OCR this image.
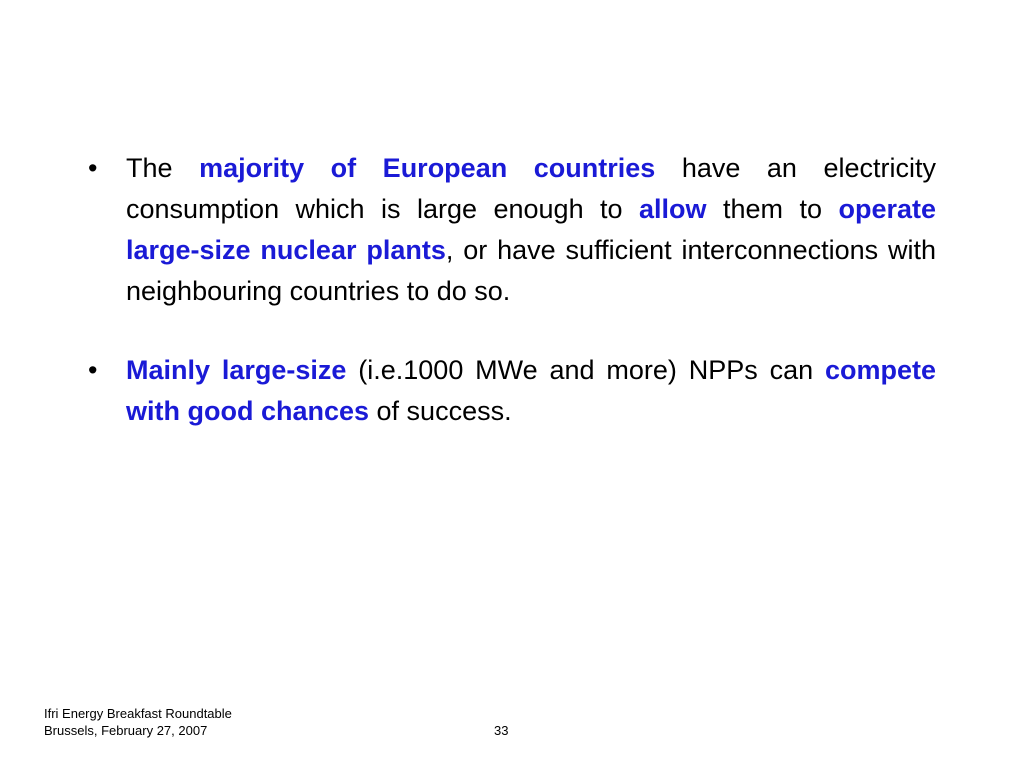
•	The majority of European countries have an electricity consumption which is large enough to allow them to operate large-size nuclear plants, or have sufficient interconnections with neighbouring countries to do so.
•	Mainly large-size (i.e.1000 MWe and more) NPPs can compete with good chances of success.
Ifri Energy Breakfast Roundtable
Brussels, February 27, 2007	33
